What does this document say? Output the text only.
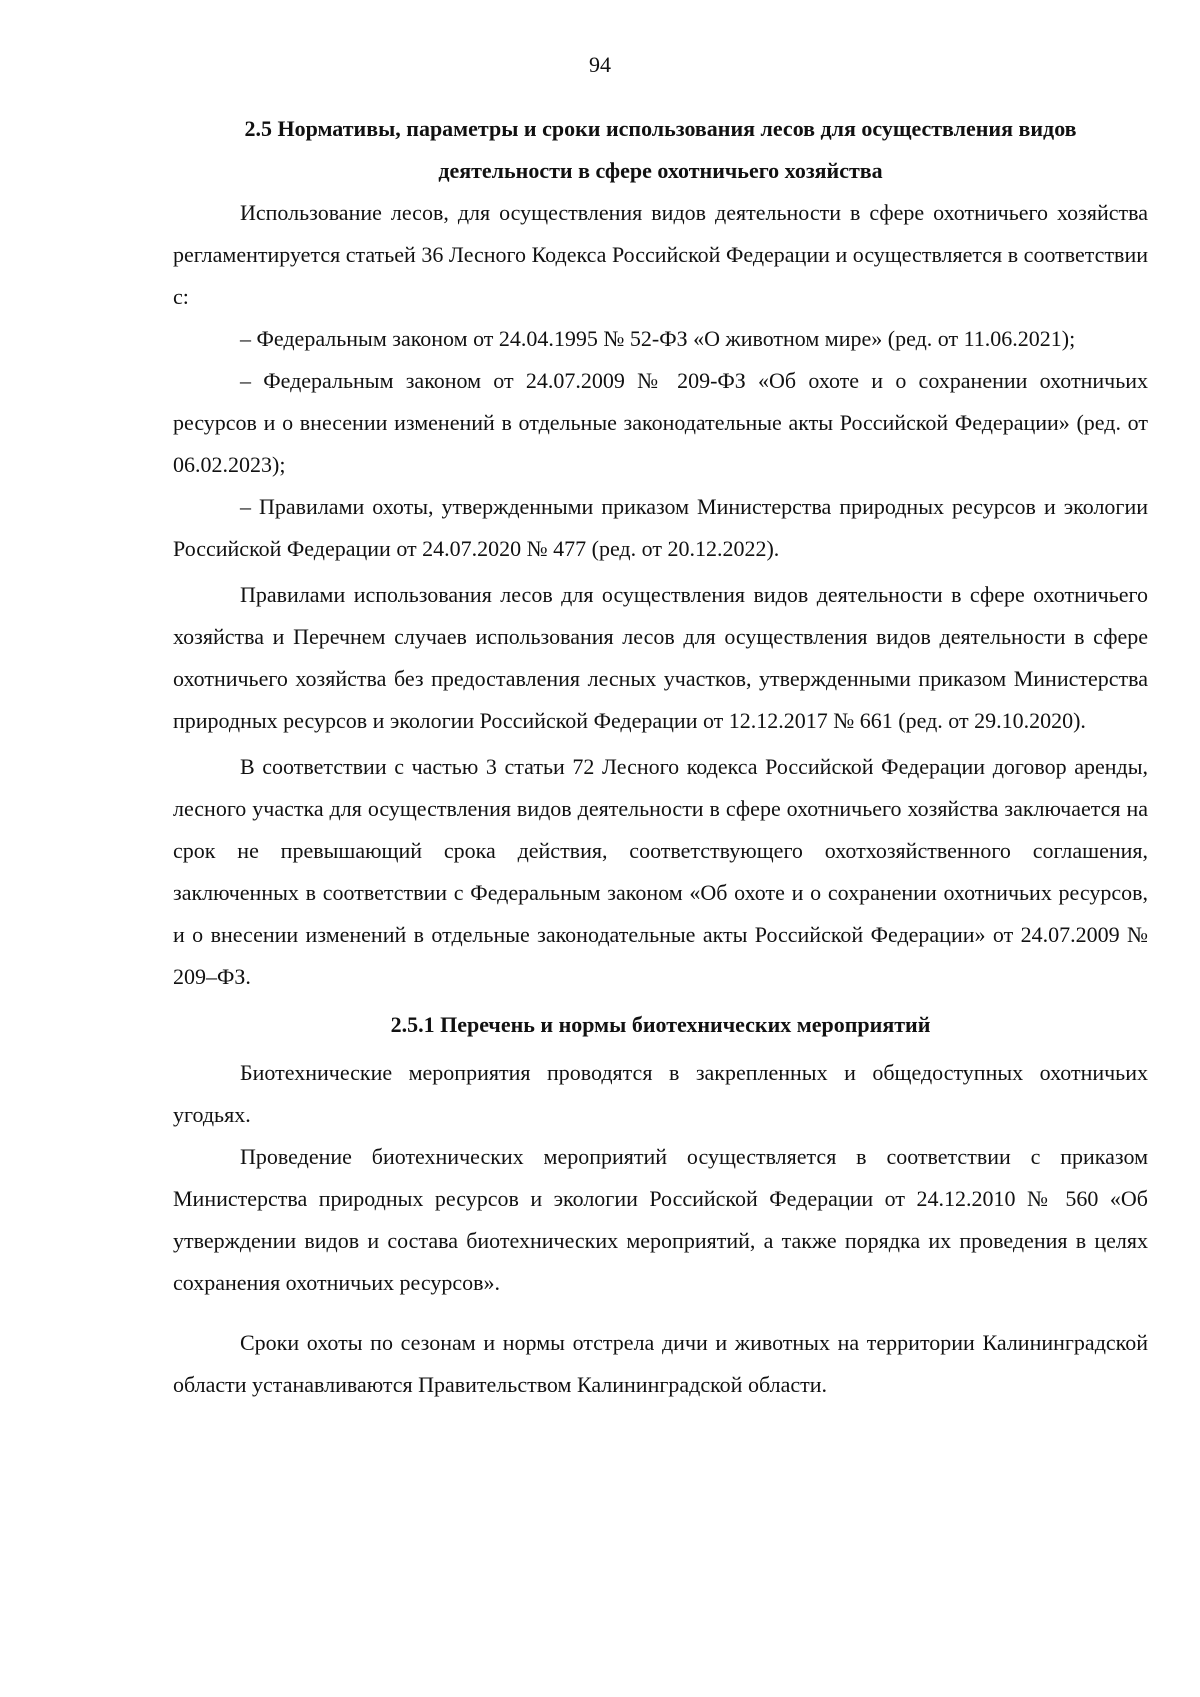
94
2.5 Нормативы, параметры и сроки использования лесов для осуществления видов деятельности в сфере охотничьего хозяйства

Использование лесов, для осуществления видов деятельности в сфере охотничьего хозяйства регламентируется статьей 36 Лесного Кодекса Российской Федерации и осуществляется в соответствии с:

– Федеральным законом от 24.04.1995 № 52-ФЗ «О животном мире» (ред. от 11.06.2021);

– Федеральным законом от 24.07.2009 № 209-ФЗ «Об охоте и о сохранении охотничьих ресурсов и о внесении изменений в отдельные законодательные акты Российской Федерации» (ред. от 06.02.2023);

– Правилами охоты, утвержденными приказом Министерства природных ресурсов и экологии Российской Федерации от 24.07.2020 № 477 (ред. от 20.12.2022).

Правилами использования лесов для осуществления видов деятельности в сфере охотничьего хозяйства и Перечнем случаев использования лесов для осуществления видов деятельности в сфере охотничьего хозяйства без предоставления лесных участков, утвержденными приказом Министерства природных ресурсов и экологии Российской Федерации от 12.12.2017 № 661 (ред. от 29.10.2020).

В соответствии с частью 3 статьи 72 Лесного кодекса Российской Федерации договор аренды, лесного участка для осуществления видов деятельности в сфере охотничьего хозяйства заключается на срок не превышающий срока действия, соответствующего охотхозяйственного соглашения, заключенных в соответствии с Федеральным законом «Об охоте и о сохранении охотничьих ресурсов, и о внесении изменений в отдельные законодательные акты Российской Федерации» от 24.07.2009 № 209–ФЗ.

2.5.1 Перечень и нормы биотехнических мероприятий

Биотехнические мероприятия проводятся в закрепленных и общедоступных охотничьих угодьях.

Проведение биотехнических мероприятий осуществляется в соответствии с приказом Министерства природных ресурсов и экологии Российской Федерации от 24.12.2010 № 560 «Об утверждении видов и состава биотехнических мероприятий, а также порядка их проведения в целях сохранения охотничьих ресурсов».

Сроки охоты по сезонам и нормы отстрела дичи и животных на территории Калининградской области устанавливаются Правительством Калининградской области.
